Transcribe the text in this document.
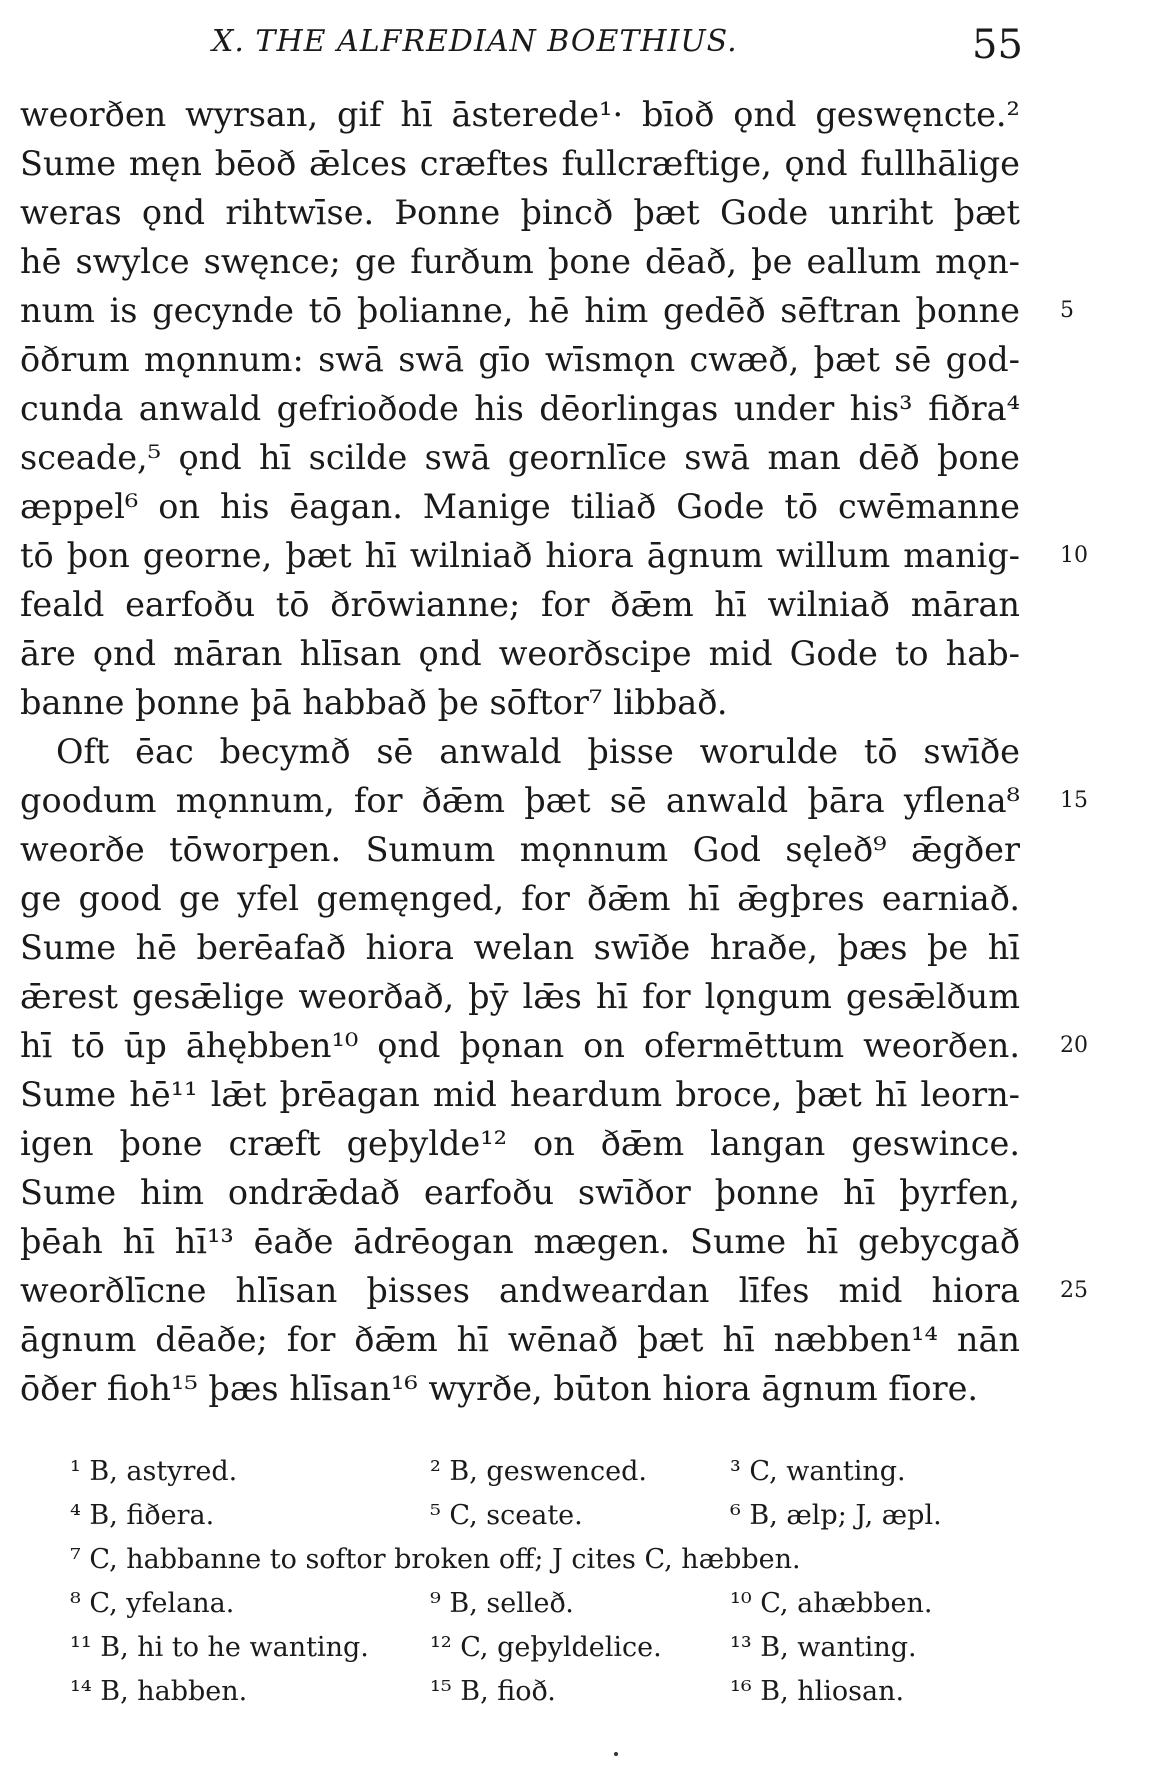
X. THE ALFREDIAN BOETHIUS.	55
weorðen wyrsan, gif hī āsterede¹· bīoð ǫnd geswęncte.²
Sume męn bēoð ǣlces cræftes fullcræftige, ǫnd fullhālige
weras ǫnd rihtwīse. Þonne þincð þæt Gode unriht þæt
hē swylce swęnce; ge furðum þone dēað, þe eallum mǫn-
num is gecynde tō þolianne, hē him gedēð sēftran þonne 5
ōðrum mǫnnum: swā swā gīo wīsmǫn cwæð, þæt sē god-
cunda anwald gefrioðode his dēorlingas under his³ fiðra⁴
sceade,⁵ ǫnd hī scilde swā geornlīce swā man dēð þone
æppel⁶ on his ēagan. Manige tiliað Gode tō cwēmanne
tō þon georne, þæt hī wilniað hiora āgnum willum manig- 10
feald earfoðu tō ðrōwianne; for ðǣm hī wilniað māran
āre ǫnd māran hlīsan ǫnd weorðscipe mid Gode to hab-
banne þonne þā habbað þe sōftor⁷ libbað.
Oft ēac becymð sē anwald þisse worulde tō swīðe
goodum mǫnnum, for ðǣm þæt sē anwald þāra yflena⁸ 15
weorðe tōworpen. Sumum mǫnnum God sęleð⁹ ǣgðer
ge good ge yfel gemęnged, for ðǣm hī ǣgþres earniað.
Sume hē berēafað hiora welan swīðe hraðe, þæs þe hī
ǣrest gesǣlige weorðað, þȳ lǣs hī for lǫngum gesǣlðum
hī tō ūp āhębben¹⁰ ǫnd þǫnan on ofermēttum weorðen. 20
Sume hē¹¹ lǣt þrēagan mid heardum broce, þæt hī leorn-
igen þone cræft geþylde¹² on ðǣm langan geswince.
Sume him ondrǣdað earfoðu swīðor þonne hī þyrfen,
þēah hī hī¹³ ēaðe ādrēogan mægen. Sume hī gebycgað
weorðlīcne hlīsan þisses andweardan līfes mid hiora 25
āgnum dēaðe; for ðǣm hī wēnað þæt hī næbben¹⁴ nān
ōðer fioh¹⁵ þæs hlīsan¹⁶ wyrðe, būton hiora āgnum fīore.
¹ B, astyred.	² B, geswenced.	³ C, wanting.
⁴ B, fiðera.	⁵ C, sceate.	⁶ B, ælp; J, æpl.
⁷ C, habbanne to softor broken off; J cites C, hæbben.
⁸ C, yfelana.	⁹ B, selleð.	¹⁰ C, ahæbben.
¹¹ B, hi to he wanting. ¹² C, geþyldelice.	¹³ B, wanting.
¹⁴ B, habben.	¹⁵ B, fioð.	¹⁶ B, hliosan.
